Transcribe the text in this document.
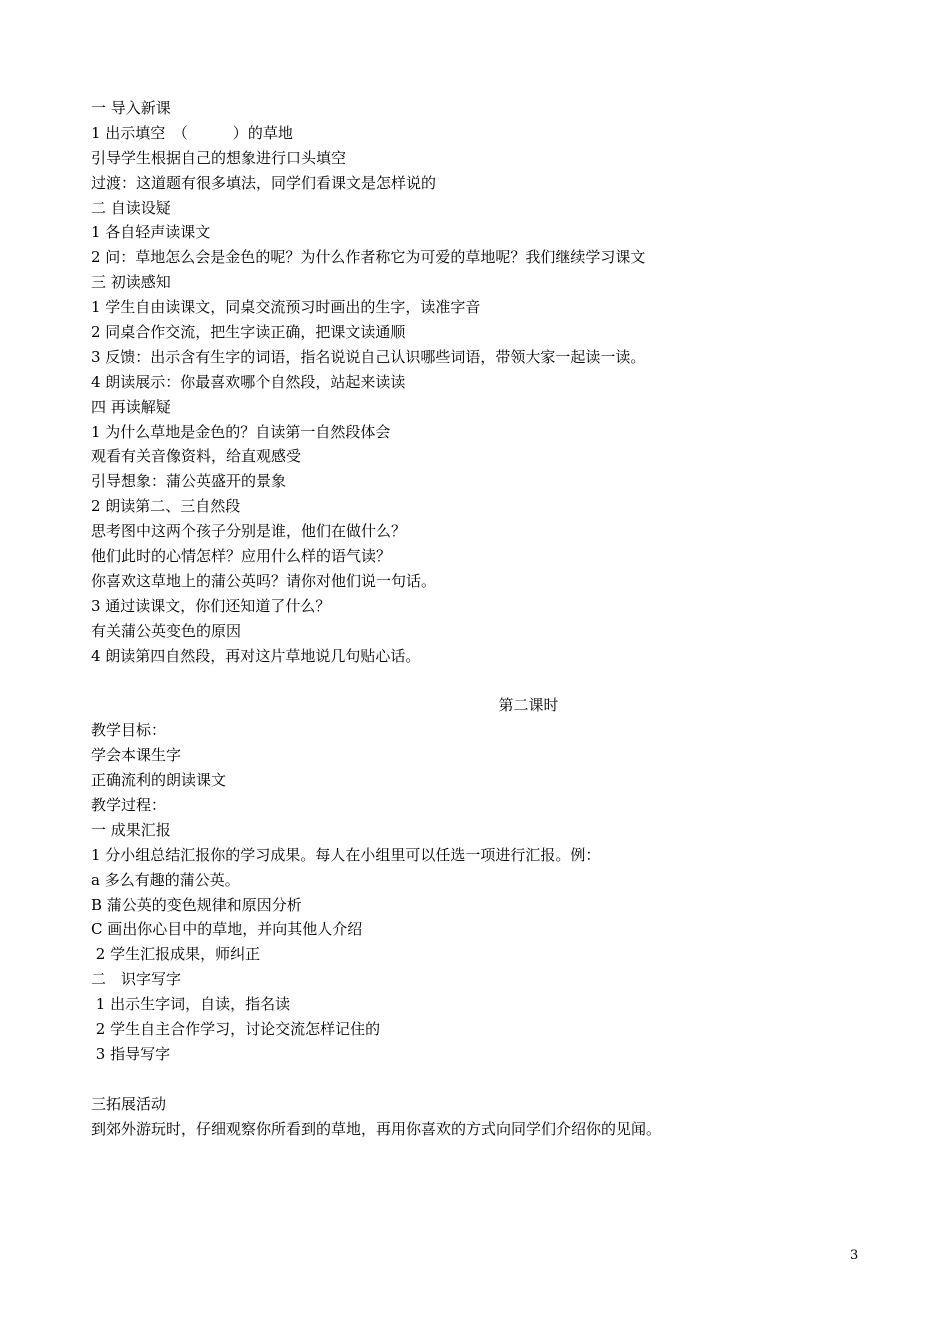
一 导入新课
1 出示填空　（　　　）的草地
引导学生根据自己的想象进行口头填空
过渡：这道题有很多填法，同学们看课文是怎样说的
二 自读设疑
1 各自轻声读课文
2 问：草地怎么会是金色的呢？为什么作者称它为可爱的草地呢？我们继续学习课文
三 初读感知
1 学生自由读课文，同桌交流预习时画出的生字，读准字音
2 同桌合作交流，把生字读正确，把课文读通顺
3 反馈：出示含有生字的词语，指名说说自己认识哪些词语，带领大家一起读一读。
4 朗读展示：你最喜欢哪个自然段，站起来读读
四 再读解疑
1 为什么草地是金色的？自读第一自然段体会
观看有关音像资料，给直观感受
引导想象：蒲公英盛开的景象
2 朗读第二、三自然段
思考图中这两个孩子分别是谁，他们在做什么？
他们此时的心情怎样？应用什么样的语气读？
你喜欢这草地上的蒲公英吗？请你对他们说一句话。
3 通过读课文，你们还知道了什么？
有关蒲公英变色的原因
4 朗读第四自然段，再对这片草地说几句贴心话。
第二课时
教学目标：
学会本课生字
正确流利的朗读课文
教学过程：
一 成果汇报
1 分小组总结汇报你的学习成果。每人在小组里可以任选一项进行汇报。例：
a 多么有趣的蒲公英。
B 蒲公英的变色规律和原因分析
C 画出你心目中的草地，并向其他人介绍
2 学生汇报成果，师纠正
二　识字写字
1 出示生字词，自读，指名读
2 学生自主合作学习，讨论交流怎样记住的
3 指导写字
三拓展活动
到郊外游玩时，仔细观察你所看到的草地，再用你喜欢的方式向同学们介绍你的见闻。
3
